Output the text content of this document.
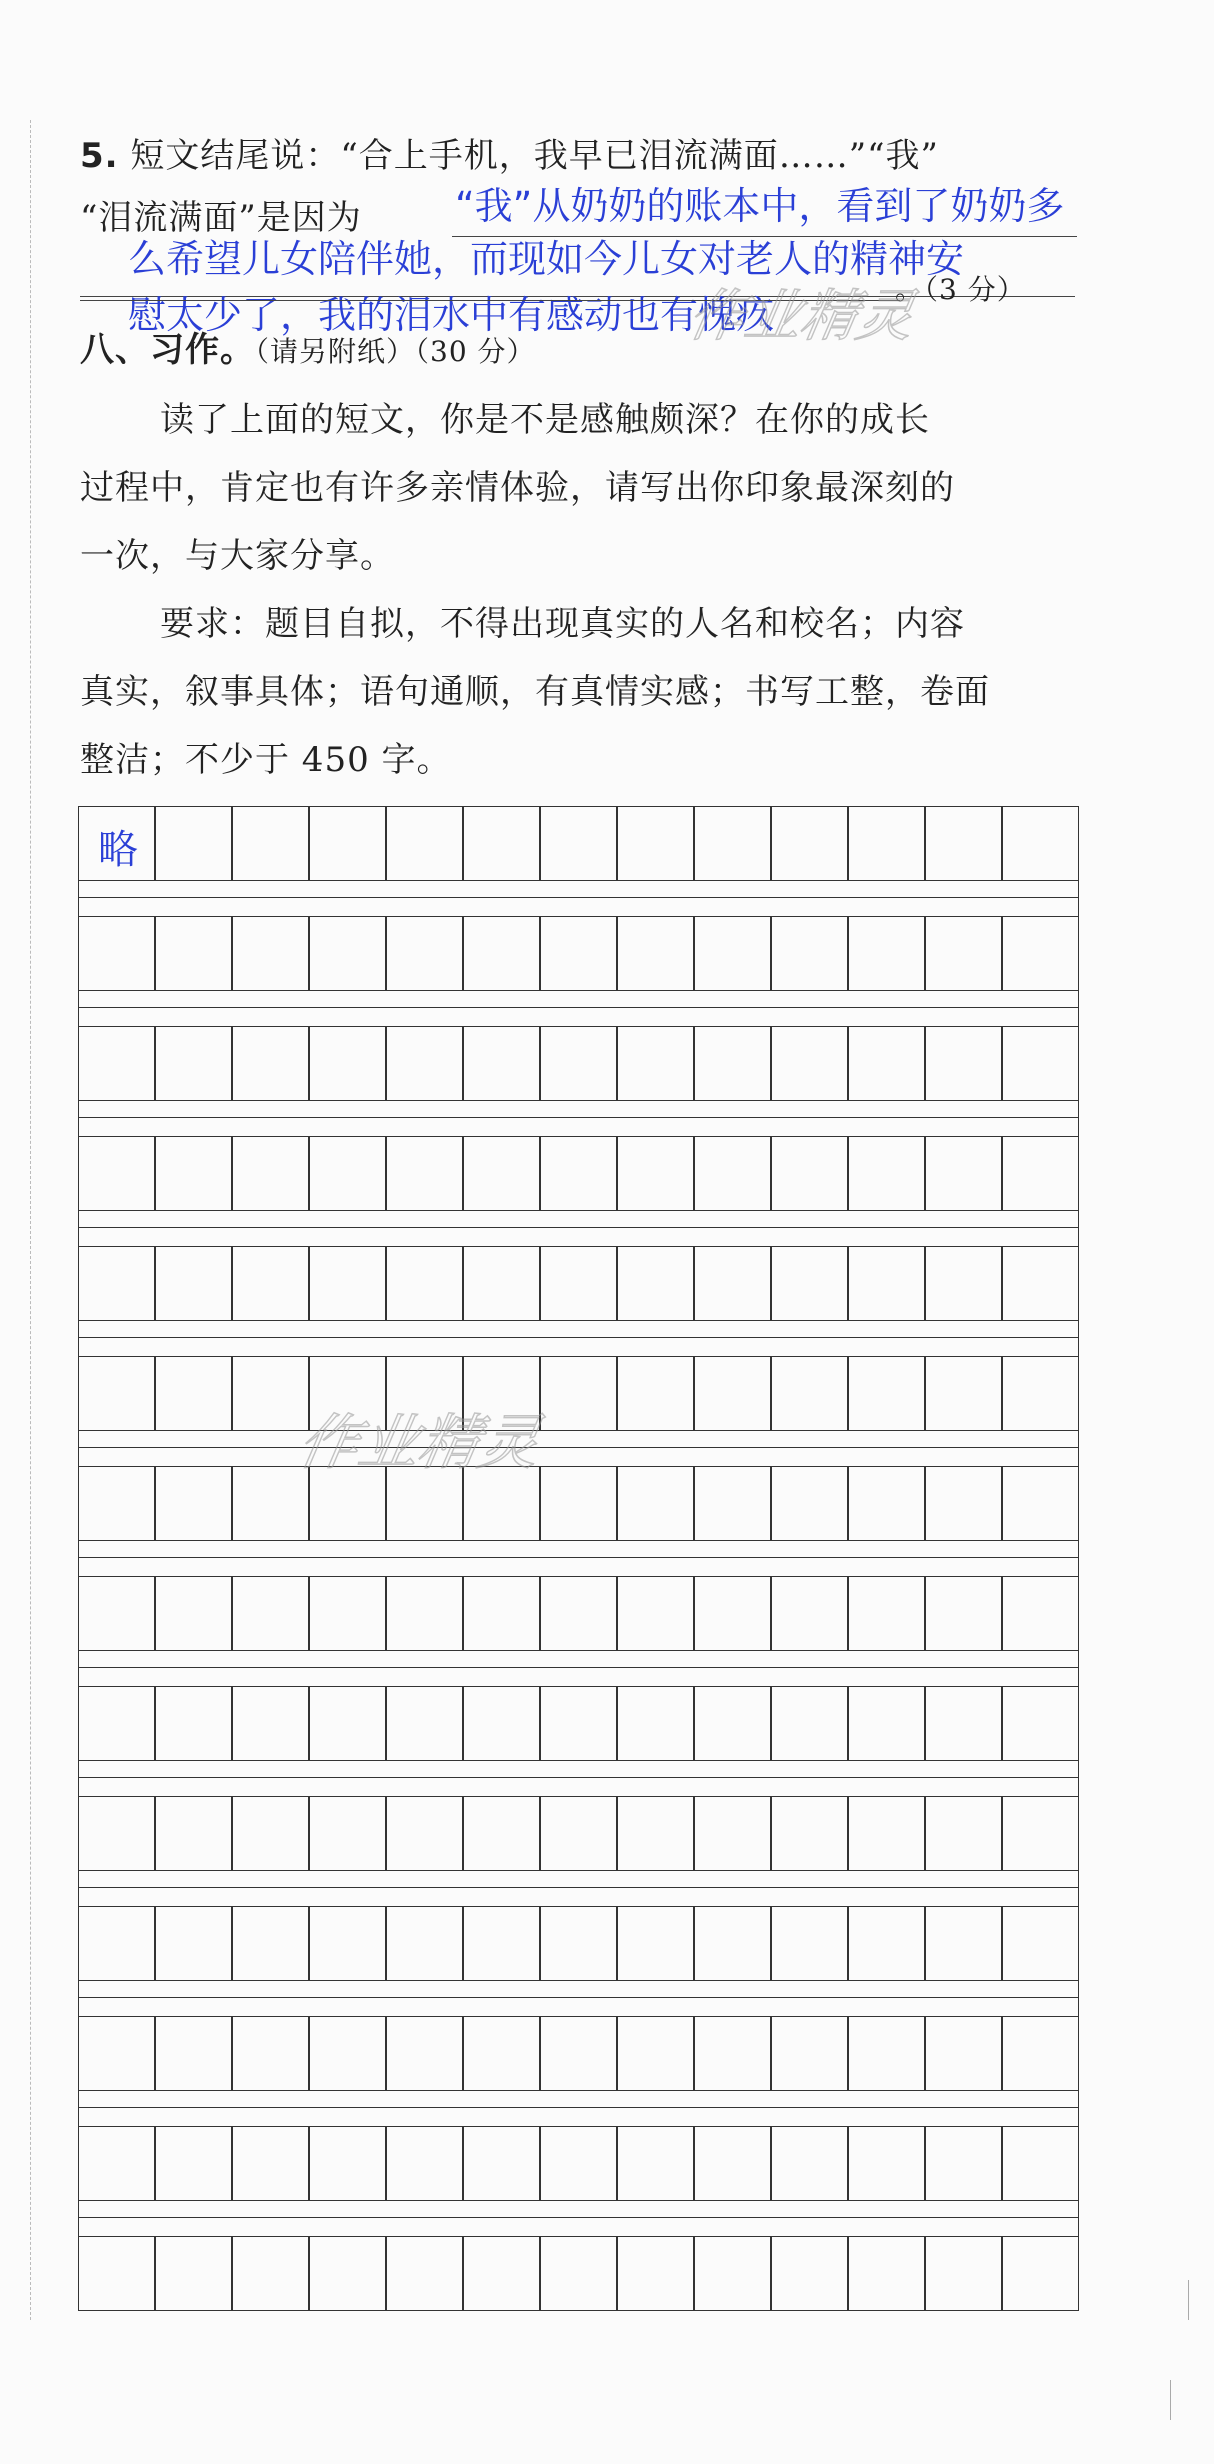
5. 短文结尾说：“合上手机，我早已泪流满面……”“我”
“泪流满面”是因为 “我”从奶奶的账本中，看到了奶奶多
么希望儿女陪伴她，而现如今儿女对老人的精神安
慰太少了，我的泪水中有感动也有愧疚
。（3 分）
八、习作。（请另附纸）（30 分）
读了上面的短文，你是不是感触颇深？在你的成长
过程中，肯定也有许多亲情体验，请写出你印象最深刻的
一次，与大家分享。
要求：题目自拟，不得出现真实的人名和校名；内容
真实，叙事具体；语句通顺，有真情实感；书写工整，卷面
整洁；不少于 450 字。
略
作业精灵
作业精灵
